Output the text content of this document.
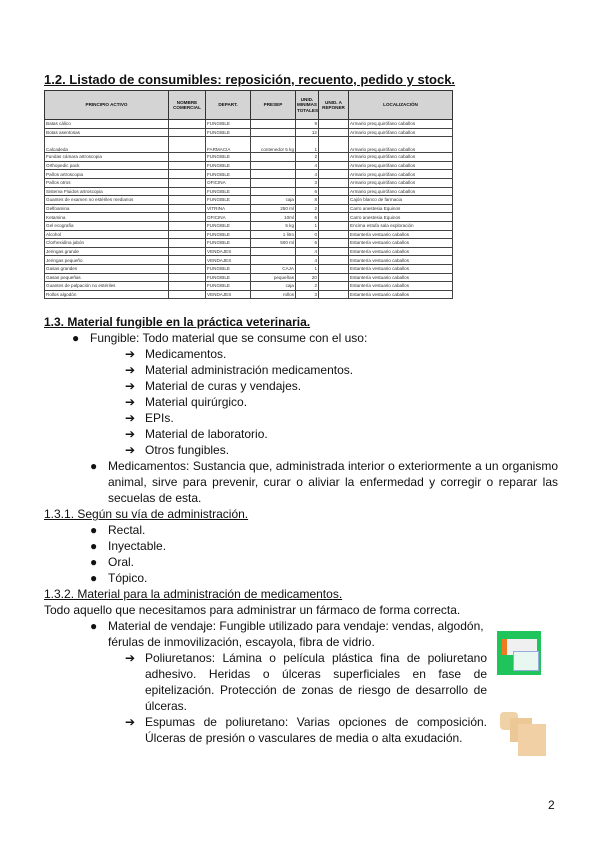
1.2. Listado de consumibles: reposición, recuento, pedido y stock.
PRINCIPIO ACTIVO	NOMBRE COMERCIAL	DEPART.	PRESEP	UNID. MINIMAS TOTALES	UNID. A REPONER	LOCALIZACIÓN
Batas cálico		FUNGIBLE		9		Armario preq.quirófano caballos
Botas asentosas		FUNGIBLE		12		Armario preq.quirófano caballos
Calcadeda		FARMACIA	contenedor 5 kg	1		Armario preq.quirófano caballos
Fundas cámara artroscopia		FUNGIBLE		2		Armario preq.quirófano caballos
Orthopedic pack		FUNGIBLE		4		Armario preq.quirófano caballos
Paños artroscopia		FUNGIBLE		4		Armario preq.quirófano caballos
Paños otros		OFICINA		3		Armario preq.quirófano caballos
Sistema Fluidos artroscopia		FUNGIBLE		6		Armario preq.quirófano caballos
Guantes de examen no estériles medianos		FUNGIBLE	caja	8		Cajón blanco de farmacia
Gelfoamina		VITRINA	250 ml	2		Carro anestesia Equinos
Ketamina		OFICINA	10ml	6		Carro anestesia Equinos
Gel ecografía		FUNGIBLE	5 kg	1		Encima estufa sala exploración
Alcohol		FUNGIBLE	1 litro	0		Estantería vestuario caballos
Clorhexidina jabón		FUNGIBLE	500 ml	6		Estantería vestuario caballos
Jeringas grande		VENDAJES		4		Estantería vestuario caballos
Jeringas pequeño		VENDAJES		4		Estantería vestuario caballos
Gasas grandes		FUNGIBLE	CAJA	1		Estantería vestuario caballos
Gasas pequeñas		FUNGIBLE	pequeñas	20		Estantería vestuario caballos
Guantes de palpación no estériles		FUNGIBLE	caja	2		Estantería vestuario caballos
Rollos algodón		VENDAJES	rollos	3		Estantería vestuario caballos
1.3. Material fungible en la práctica veterinaria.
● Fungible: Todo material que se consume con el uso:
➔ Medicamentos.
➔ Material administración medicamentos.
➔ Material de curas y vendajes.
➔ Material quirúrgico.
➔ EPIs.
➔ Material de laboratorio.
➔ Otros fungibles.
● Medicamentos: Sustancia que, administrada interior o exteriormente a un organismo animal, sirve para prevenir, curar o aliviar la enfermedad y corregir o reparar las secuelas de esta.
1.3.1. Según su vía de administración.
● Rectal.
● Inyectable.
● Oral.
● Tópico.
1.3.2. Material para la administración de medicamentos.
Todo aquello que necesitamos para administrar un fármaco de forma correcta.
● Material de vendaje: Fungible utilizado para vendaje: vendas, algodón, férulas de inmovilización, escayola, fibra de vidrio.
➔ Poliuretanos: Lámina o película plástica fina de poliuretano adhesivo. Heridas o úlceras superficiales en fase de epitelización. Protección de zonas de riesgo de desarrollo de úlceras.
➔ Espumas de poliuretano: Varias opciones de composición. Úlceras de presión o vasculares de media o alta exudación.
2
